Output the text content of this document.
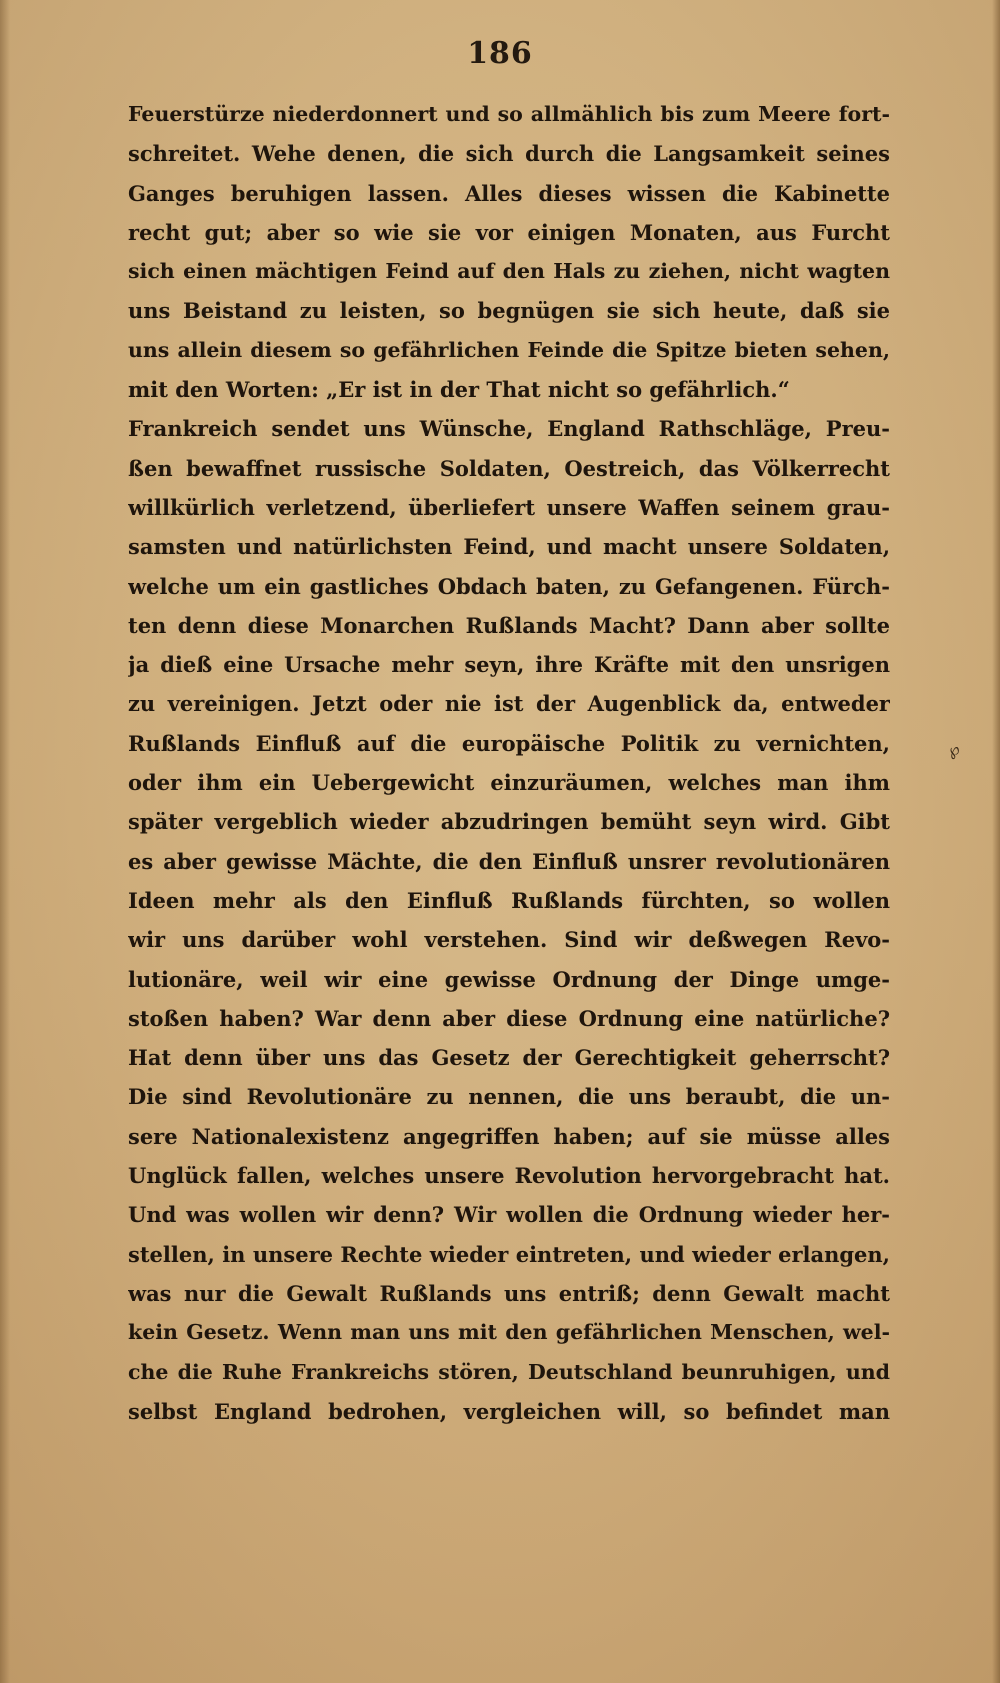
186
Feuerstürze niederdonnert und so allmählich bis zum Meere fort-
schreitet. Wehe denen, die sich durch die Langsamkeit seines
Ganges beruhigen lassen. Alles dieses wissen die Kabinette
recht gut; aber so wie sie vor einigen Monaten, aus Furcht
sich einen mächtigen Feind auf den Hals zu ziehen, nicht wagten
uns Beistand zu leisten, so begnügen sie sich heute, daß sie
uns allein diesem so gefährlichen Feinde die Spitze bieten sehen,
mit den Worten: „Er ist in der That nicht so gefährlich.“
Frankreich sendet uns Wünsche, England Rathschläge, Preu-
ßen bewaffnet russische Soldaten, Oestreich, das Völkerrecht
willkürlich verletzend, überliefert unsere Waffen seinem grau-
samsten und natürlichsten Feind, und macht unsere Soldaten,
welche um ein gastliches Obdach baten, zu Gefangenen. Fürch-
ten denn diese Monarchen Rußlands Macht? Dann aber sollte
ja dieß eine Ursache mehr seyn, ihre Kräfte mit den unsrigen
zu vereinigen. Jetzt oder nie ist der Augenblick da, entweder
Rußlands Einfluß auf die europäische Politik zu vernichten,
oder ihm ein Uebergewicht einzuräumen, welches man ihm
später vergeblich wieder abzudringen bemüht seyn wird. Gibt
es aber gewisse Mächte, die den Einfluß unsrer revolutionären
Ideen mehr als den Einfluß Rußlands fürchten, so wollen
wir uns darüber wohl verstehen. Sind wir deßwegen Revo-
lutionäre, weil wir eine gewisse Ordnung der Dinge umge-
stoßen haben? War denn aber diese Ordnung eine natürliche?
Hat denn über uns das Gesetz der Gerechtigkeit geherrscht?
Die sind Revolutionäre zu nennen, die uns beraubt, die un-
sere Nationalexistenz angegriffen haben; auf sie müsse alles
Unglück fallen, welches unsere Revolution hervorgebracht hat.
Und was wollen wir denn? Wir wollen die Ordnung wieder her-
stellen, in unsere Rechte wieder eintreten, und wieder erlangen,
was nur die Gewalt Rußlands uns entriß; denn Gewalt macht
kein Gesetz. Wenn man uns mit den gefährlichen Menschen, wel-
che die Ruhe Frankreichs stören, Deutschland beunruhigen, und
selbst England bedrohen, vergleichen will, so befindet man
℘
